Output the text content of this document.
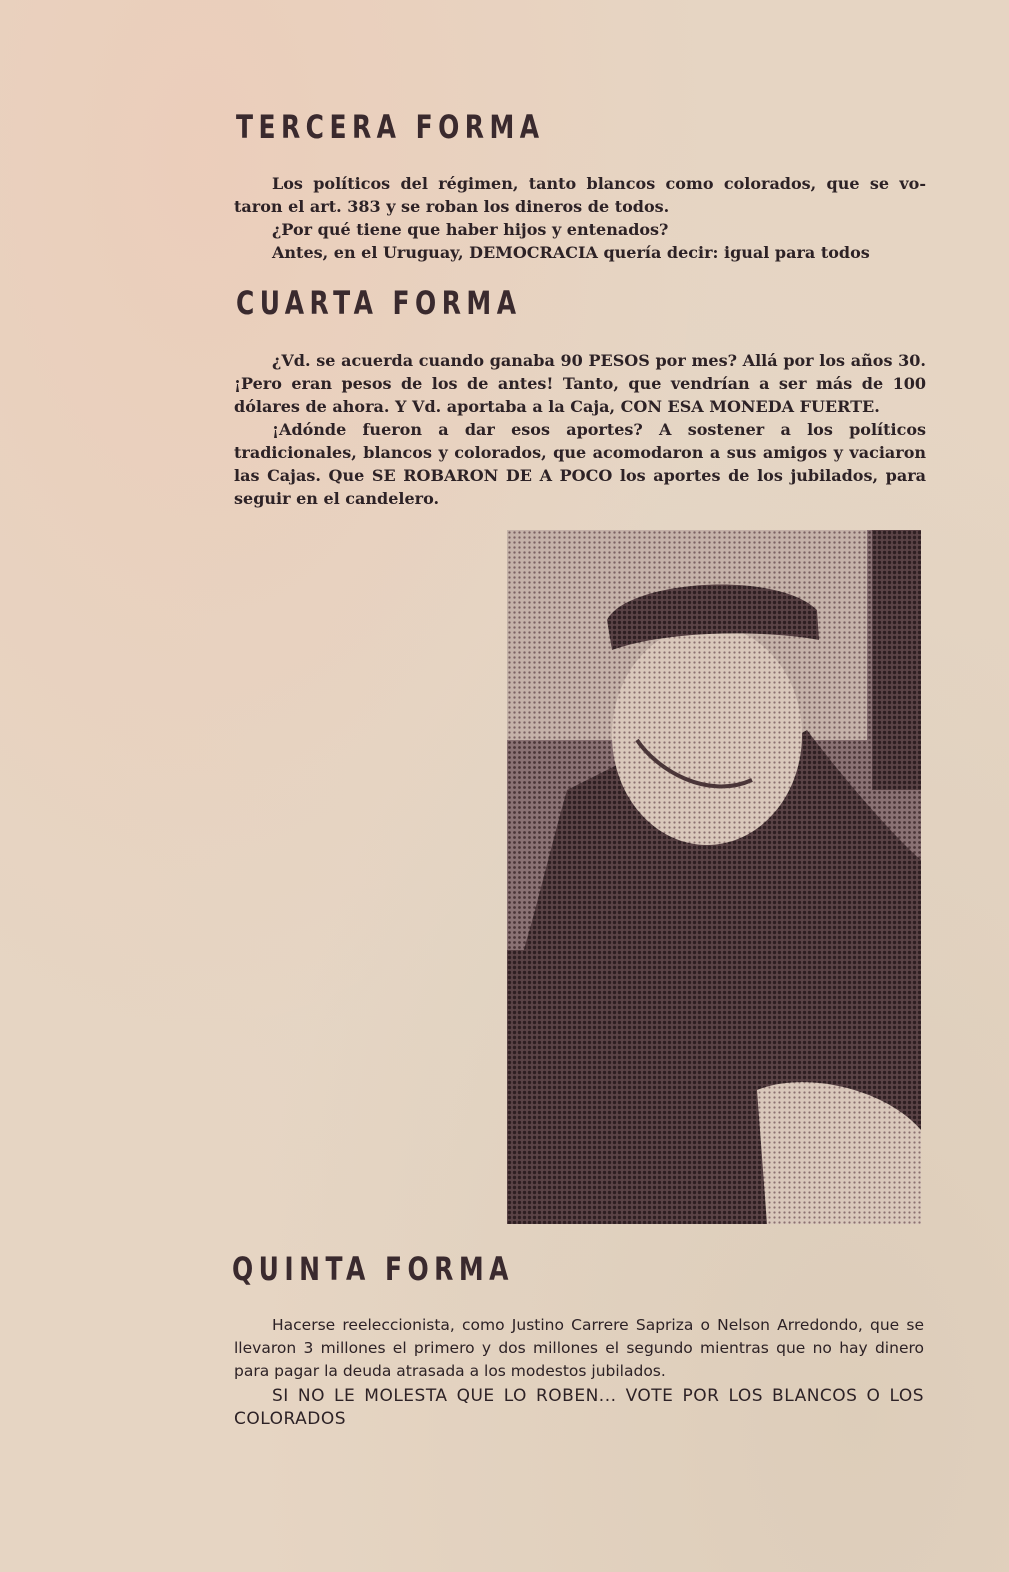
TERCERA FORMA

Los políticos del régimen, tanto blancos como colorados, que se vo- taron el art. 383 y se roban los dineros de todos.

¿Por qué tiene que haber hijos y entenados?

Antes, en el Uruguay, DEMOCRACIA quería decir: igual para todos

CUARTA FORMA

¿Vd. se acuerda cuando ganaba 90 PESOS por mes? Allá por los años 30. ¡Pero eran pesos de los de antes! Tanto, que vendrían a ser más de 100 dólares de ahora. Y Vd. aportaba a la Caja, CON ESA MONEDA FUERTE.

¡Adónde fueron a dar esos aportes? A sostener a los políticos tradicionales, blancos y colorados, que acomodaron a sus amigos y vaciaron las Cajas. Que SE ROBARON DE A POCO los aportes de los jubilados, para seguir en el candelero.

QUINTA FORMA

Hacerse reeleccionista, como Justino Carrere Sapriza o Nelson Arredondo, que se llevaron 3 millones el primero y dos millones el segundo mientras que no hay dinero para pagar la deuda atrasada a los modestos jubilados.

SI NO LE MOLESTA QUE LO ROBEN... VOTE POR LOS BLANCOS O LOS COLORADOS
